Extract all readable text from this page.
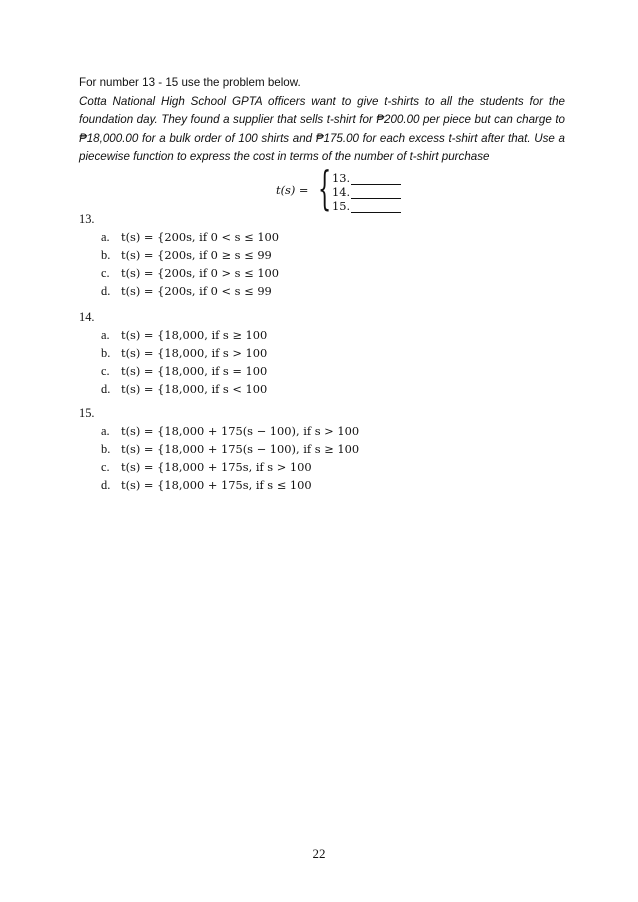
For number 13 - 15 use the problem below.
Cotta National High School GPTA officers want to give t-shirts to all the students for the foundation day. They found a supplier that sells t-shirt for ₱200.00 per piece but can charge to ₱18,000.00 for a bulk order of 100 shirts and ₱175.00 for each excess t-shirt after that. Use a piecewise function to express the cost in terms of the number of t-shirt purchase
t(s) = { 13.
14.
15.
13.
a. t(s) = {200s, if 0 < s ≤ 100
b. t(s) = {200s, if 0 ≥ s ≤ 99
c. t(s) = {200s, if 0 > s ≤ 100
d. t(s) = {200s, if 0 < s ≤ 99
14.
a. t(s) = {18,000, if s ≥ 100
b. t(s) = {18,000, if s > 100
c. t(s) = {18,000, if s = 100
d. t(s) = {18,000, if s < 100
15.
a. t(s) = {18,000 + 175(s − 100), if s > 100
b. t(s) = {18,000 + 175(s − 100), if s ≥ 100
c. t(s) = {18,000 + 175s, if s > 100
d. t(s) = {18,000 + 175s, if s ≤ 100
22
